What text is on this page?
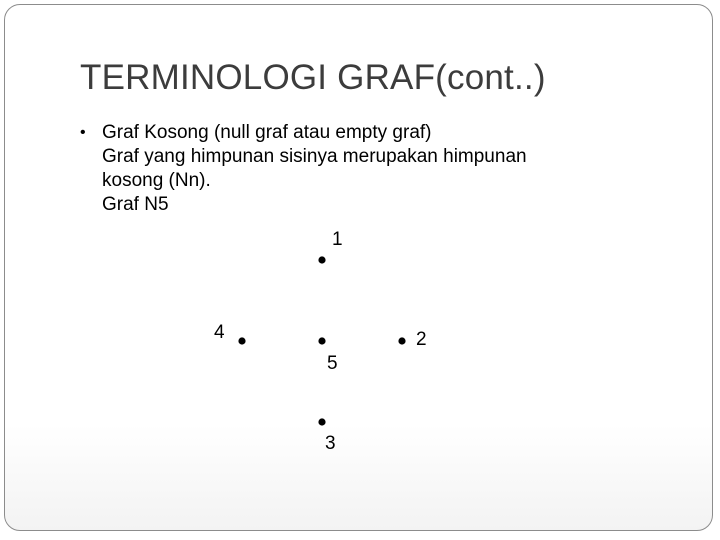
TERMINOLOGI GRAF(cont..)
• Graf Kosong (null graf atau empty graf)
Graf yang himpunan sisinya merupakan himpunan
kosong (Nn).
Graf N5
1
2
3
4
5
